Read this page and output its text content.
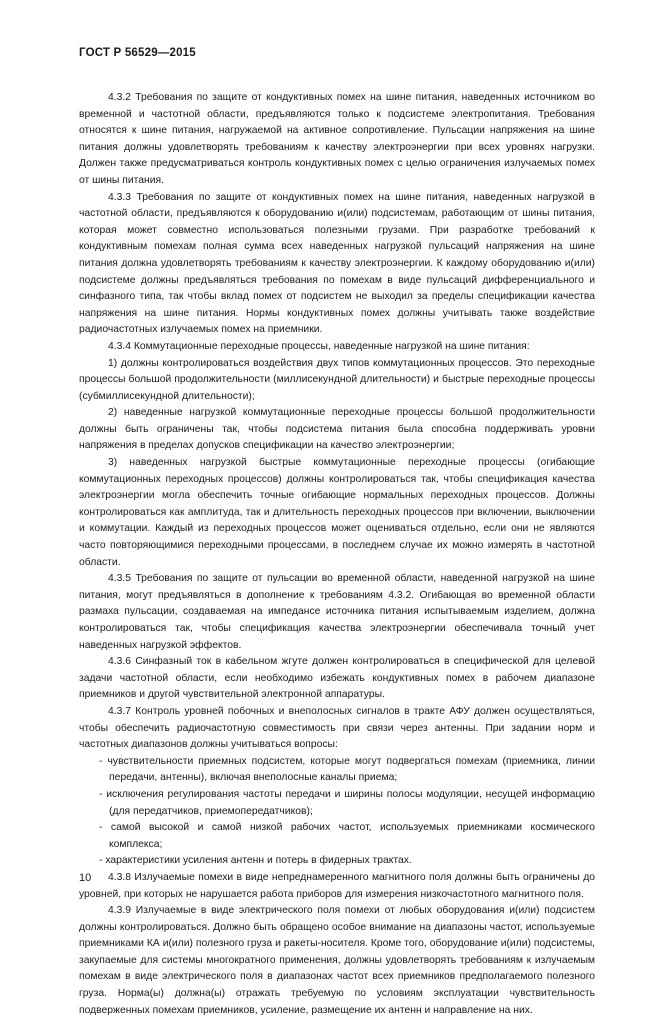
ГОСТ Р 56529—2015

4.3.2 Требования по защите от кондуктивных помех на шине питания, наведенных источником во временной и частотной области, предъявляются только к подсистеме электропитания. Требования относятся к шине питания, нагружаемой на активное сопротивление. Пульсации напряжения на шине питания должны удовлетворять требованиям к качеству электроэнергии при всех уровнях нагрузки. Должен также предусматриваться контроль кондуктивных помех с целью ограничения излучаемых помех от шины питания.

4.3.3 Требования по защите от кондуктивных помех на шине питания, наведенных нагрузкой в частотной области, предъявляются к оборудованию и(или) подсистемам, работающим от шины питания, которая может совместно использоваться полезными грузами. При разработке требований к кондуктивным помехам полная сумма всех наведенных нагрузкой пульсаций напряжения на шине питания должна удовлетворять требованиям к качеству электроэнергии. К каждому оборудованию и(или) подсистеме должны предъявляться требования по помехам в виде пульсаций дифференциального и синфазного типа, так чтобы вклад помех от подсистем не выходил за пределы спецификации качества напряжения на шине питания. Нормы кондуктивных помех должны учитывать также воздействие радиочастотных излучаемых помех на приемники.

4.3.4 Коммутационные переходные процессы, наведенные нагрузкой на шине питания:

1) должны контролироваться воздействия двух типов коммутационных процессов. Это переходные процессы большой продолжительности (миллисекундной длительности) и быстрые переходные процессы (субмиллисекундной длительности);

2) наведенные нагрузкой коммутационные переходные процессы большой продолжительности должны быть ограничены так, чтобы подсистема питания была способна поддерживать уровни напряжения в пределах допусков спецификации на качество электроэнергии;

3) наведенных нагрузкой быстрые коммутационные переходные процессы (огибающие коммутационных переходных процессов) должны контролироваться так, чтобы спецификация качества электроэнергии могла обеспечить точные огибающие нормальных переходных процессов. Должны контролироваться как амплитуда, так и длительность переходных процессов при включении, выключении и коммутации. Каждый из переходных процессов может оцениваться отдельно, если они не являются часто повторяющимися переходными процессами, в последнем случае их можно измерять в частотной области.

4.3.5 Требования по защите от пульсации во временной области, наведенной нагрузкой на шине питания, могут предъявляться в дополнение к требованиям 4.3.2. Огибающая во временной области размаха пульсации, создаваемая на импедансе источника питания испытываемым изделием, должна контролироваться так, чтобы спецификация качества электроэнергии обеспечивала точный учет наведенных нагрузкой эффектов.

4.3.6 Синфазный ток в кабельном жгуте должен контролироваться в специфической для целевой задачи частотной области, если необходимо избежать кондуктивных помех в рабочем диапазоне приемников и другой чувствительной электронной аппаратуры.

4.3.7 Контроль уровней побочных и внеполосных сигналов в тракте АФУ должен осуществляться, чтобы обеспечить радиочастотную совместимость при связи через антенны. При задании норм и частотных диапазонов должны учитываться вопросы:

- чувствительности приемных подсистем, которые могут подвергаться помехам (приемника, линии передачи, антенны), включая внеполосные каналы приема;

- исключения регулирования частоты передачи и ширины полосы модуляции, несущей информацию (для передатчиков, приемопередатчиков);

- самой высокой и самой низкой рабочих частот, используемых приемниками космического комплекса;

- характеристики усиления антенн и потерь в фидерных трактах.

4.3.8 Излучаемые помехи в виде непреднамеренного магнитного поля должны быть ограничены до уровней, при которых не нарушается работа приборов для измерения низкочастотного магнитного поля.

4.3.9 Излучаемые в виде электрического поля помехи от любых оборудования и(или) подсистем должны контролироваться. Должно быть обращено особое внимание на диапазоны частот, используемые приемниками КА и(или) полезного груза и ракеты-носителя. Кроме того, оборудование и(или) подсистемы, закупаемые для системы многократного применения, должны удовлетворять требованиям к излучаемым помехам в виде электрического поля в диапазонах частот всех приемников предполагаемого полезного груза. Норма(ы) должна(ы) отражать требуемую по условиям эксплуатации чувствительность подверженных помехам приемников, усиление, размещение их антенн и направление на них.

10
